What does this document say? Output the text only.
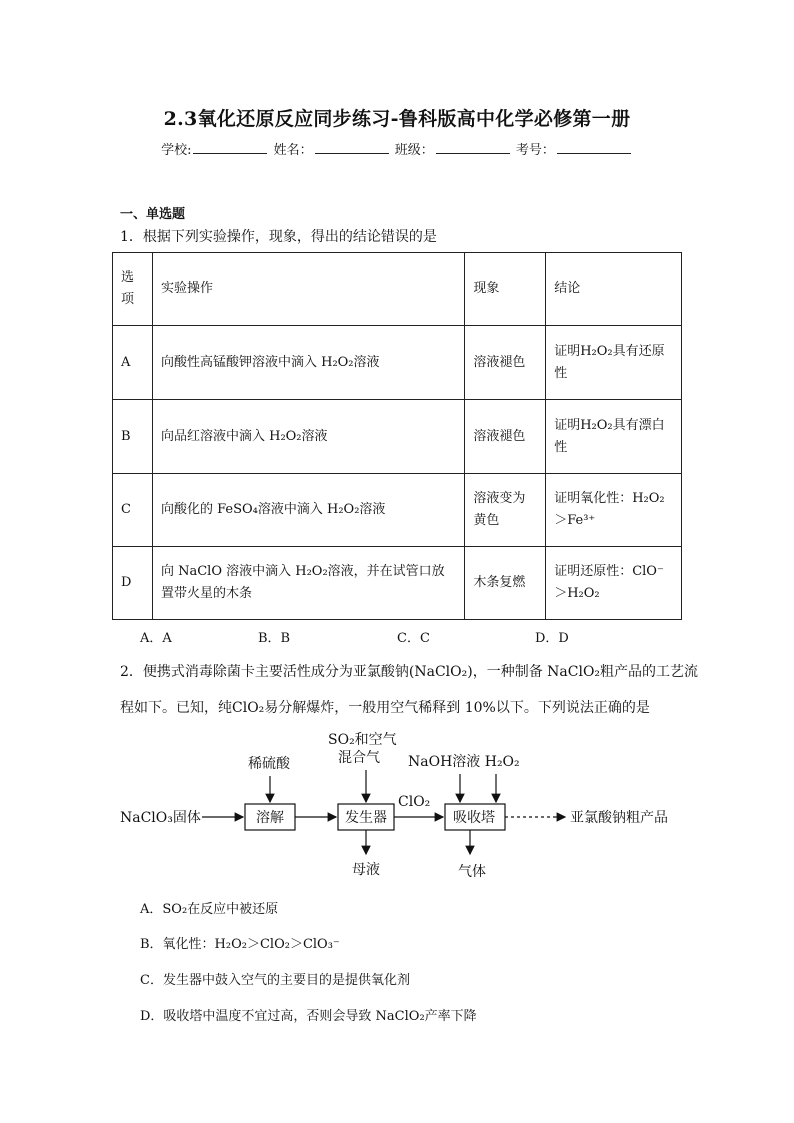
2.3氧化还原反应同步练习-鲁科版高中化学必修第一册
学校:	姓名：	班级：	考号：
一、单选题
1．根据下列实验操作，现象，得出的结论错误的是
选项	实验操作	现象	结论
A	向酸性高锰酸钾溶液中滴入 H₂O₂溶液	溶液褪色	证明H₂O₂具有还原性
B	向品红溶液中滴入 H₂O₂溶液	溶液褪色	证明H₂O₂具有漂白性
C	向酸化的 FeSO₄溶液中滴入 H₂O₂溶液	溶液变为黄色	证明氧化性：H₂O₂＞Fe³⁺
D	向 NaClO 溶液中滴入 H₂O₂溶液，并在试管口放置带火星的木条	木条复燃	证明还原性：ClO⁻＞H₂O₂
A．A	B．B	C．C	D．D
2．便携式消毒除菌卡主要活性成分为亚氯酸钠(NaClO₂)，一种制备 NaClO₂粗产品的工艺流
程如下。已知，纯ClO₂易分解爆炸，一般用空气稀释到 10%以下。下列说法正确的是
NaClO₃固体	溶解	发生器	吸收塔
稀硫酸
SO₂和空气
混合气 NaOH溶液 H₂O₂
ClO₂
母液	气体
亚氯酸钠粗产品
A．SO₂在反应中被还原
B．氧化性：H₂O₂＞ClO₂＞ClO₃⁻
C．发生器中鼓入空气的主要目的是提供氧化剂
D．吸收塔中温度不宜过高，否则会导致 NaClO₂产率下降
